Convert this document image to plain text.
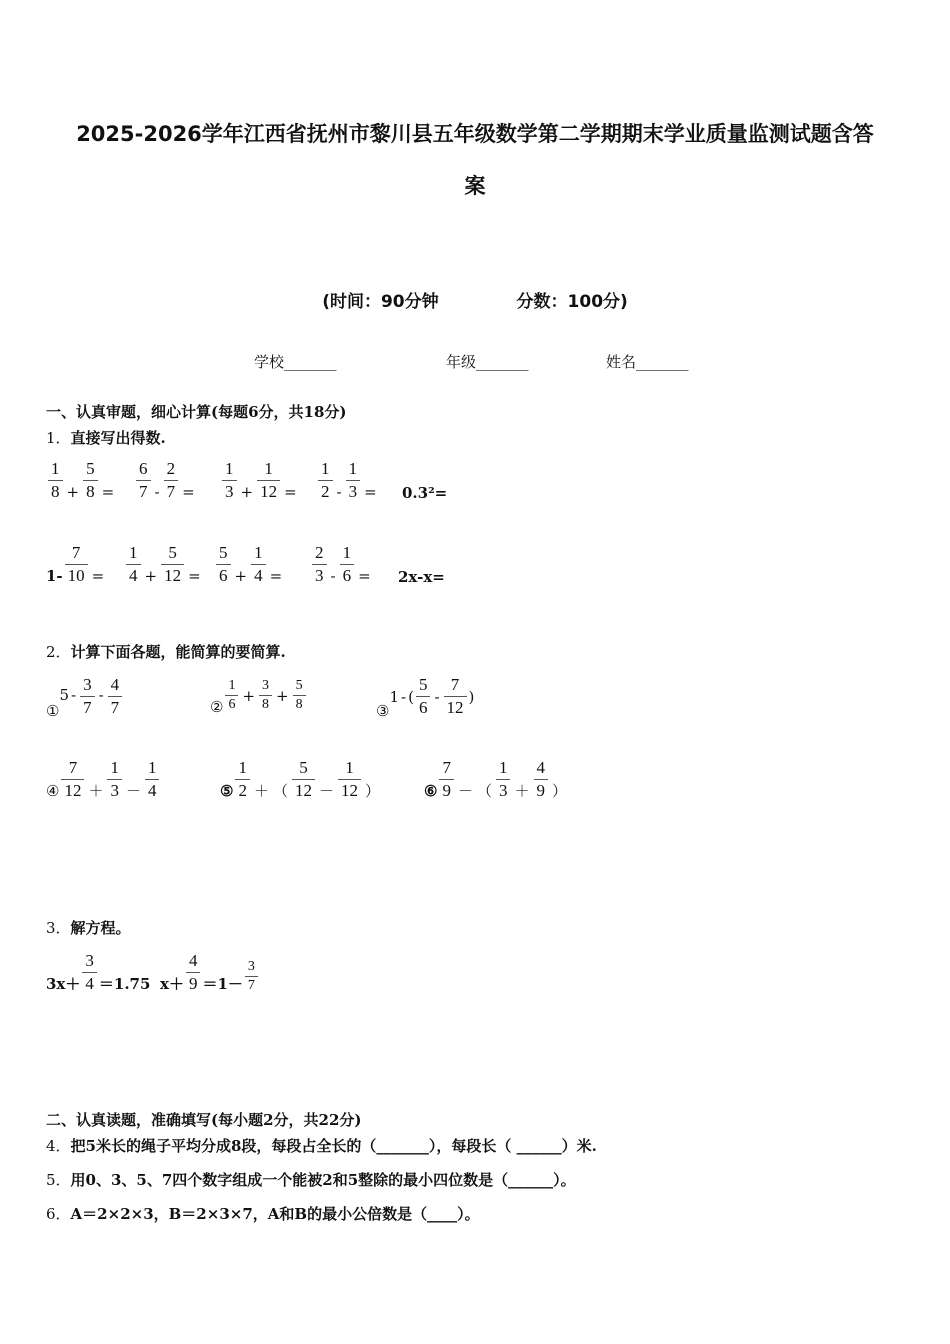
2025-2026学年江西省抚州市黎川县五年级数学第二学期期末学业质量监测试题含答
案
(时间：90分钟	分数：100分)
学校_______	年级_______	姓名_______
一、认真审题，细心计算(每题6分，共18分)
1．直接写出得数.
$\frac{1}{8} + \frac{5}{8} = \frac{6}{7} - \frac{2}{7} = \frac{1}{3} + \frac{1}{12} = \frac{1}{2} - \frac{1}{3} = 0.3^2=$
$1- \frac{7}{10} = \frac{1}{4} + \frac{5}{12} = \frac{5}{6} + \frac{1}{4} = \frac{2}{3} - \frac{1}{6} = 2x-x=$
2．计算下面各题，能简算的要简算.
①
$5 - \frac{3}{7} - \frac{4}{7}$	② $\frac{1}{6} + \frac{3}{8} + \frac{5}{8}$	③
1 - ( $\frac{5}{6} - \frac{7}{12}$ )
④ $\frac{7}{12} + \frac{1}{3} - \frac{1}{4}$	⑤ $\frac{1}{2}$ ＋ （ $\frac{5}{12} - \frac{1}{12}$ ）	⑥ $\frac{7}{9}$ － （ $\frac{1}{3} + \frac{4}{9}$ ）
3．解方程。
$3x+ \frac{3}{4} =1.75$ $x+ \frac{4}{9} =1- \frac{3}{7}$
二、认真读题，准确填写(每小题2分，共22分)
4．把5米长的绳子平均分成8段，每段占全长的（_______），每段长（ ______）米.
5．用0、3、5、7四个数字组成一个能被2和5整除的最小四位数是（______）。
6．A＝2×2×3，B＝2×3×7，A和B的最小公倍数是（____）。
